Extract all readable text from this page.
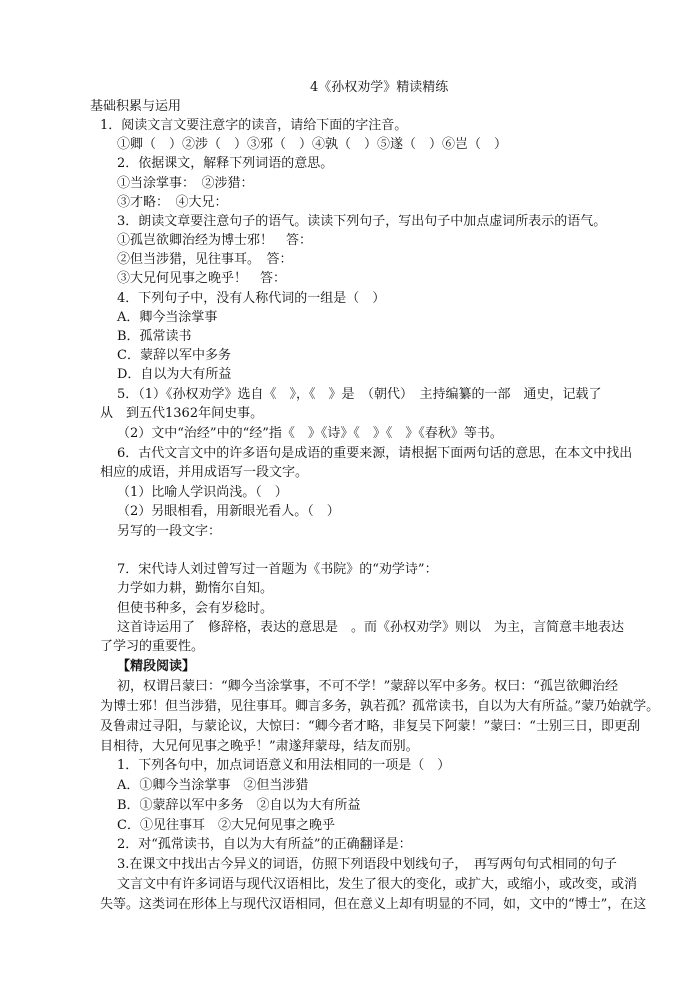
4《孙权劝学》精读精练
基础积累与运用
1．阅读文言文要注意字的读音，请给下面的字注音。
①卿（　）②涉（　）③邪（　）④孰（　）⑤遂（　）⑥岂（　）
2．依据课文，解释下列词语的意思。
①当涂掌事：　②涉猎：
③才略：　④大兄：
3．朗读文章要注意句子的语气。读读下列句子，写出句子中加点虚词所表示的语气。
①孤岂欲卿治经为博士邪！　答：
②但当涉猎，见往事耳。　答：
③大兄何见事之晚乎！　答：
4．下列句子中，没有人称代词的一组是（　）
A．卿今当涂掌事
B．孤常读书
C．蒙辞以军中多务
D．自以为大有所益
5．（1）《孙权劝学》选自《　》，《　》是　（朝代）　主持编纂的一部　通史，记载了
从　到五代1362年间史事。
（2）文中“治经”中的“经”指《　》《诗》《　》《　》《春秋》等书。
6．古代文言文中的许多语句是成语的重要来源，请根据下面两句话的意思，在本文中找出
相应的成语，并用成语写一段文字。
（1）比喻人学识尚浅。（　）
（2）另眼相看，用新眼光看人。（　）
另写的一段文字：
7．宋代诗人刘过曾写过一首题为《书院》的“劝学诗”：
力学如力耕，勤惰尔自知。
但使书种多，会有岁稔时。
这首诗运用了　修辞格，表达的意思是　。而《孙权劝学》则以　为主，言简意丰地表达
了学习的重要性。
【精段阅读】
初，权谓吕蒙曰：“卿今当涂掌事，不可不学！”蒙辞以军中多务。权曰：“孤岂欲卿治经
为博士邪！但当涉猎，见往事耳。卿言多务，孰若孤？孤常读书，自以为大有所益。”蒙乃始就学。
及鲁肃过寻阳，与蒙论议，大惊曰：“卿今者才略，非复吴下阿蒙！”蒙曰：“士别三日，即更刮
目相待，大兄何见事之晚乎！”肃遂拜蒙母，结友而别。
1．下列各句中，加点词语意义和用法相同的一项是（　）
A．①卿今当涂掌事　②但当涉猎
B．①蒙辞以军中多务　②自以为大有所益
C．①见往事耳　②大兄何见事之晚乎
2．对“孤常读书，自以为大有所益”的正确翻译是：
3.在课文中找出古今异义的词语，仿照下列语段中划线句子，　再写两句句式相同的句子
文言文中有许多词语与现代汉语相比，发生了很大的变化，或扩大，或缩小，或改变，或消
失等。这类词在形体上与现代汉语相同，但在意义上却有明显的不同，如，文中的“博士”，在这
